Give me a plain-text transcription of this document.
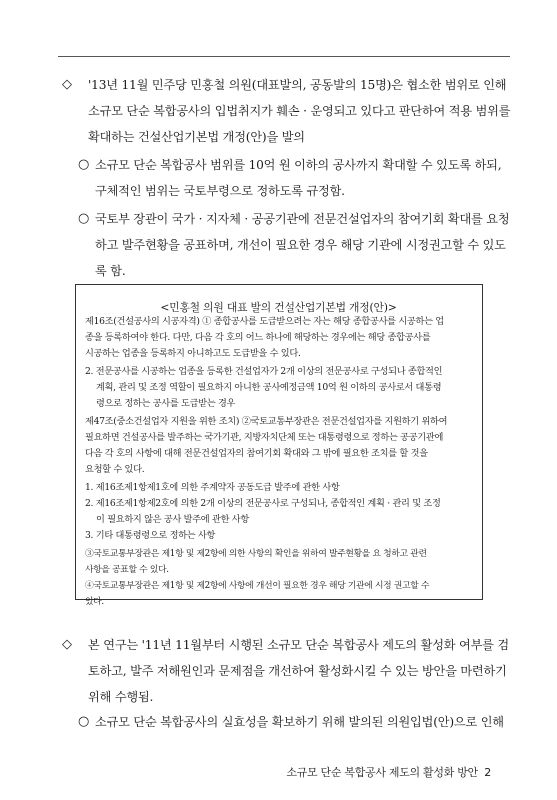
◇ '13년 11월 민주당 민홍철 의원(대표발의, 공동발의 15명)은 협소한 범위로 인해
소규모 단순 복합공사의 입법취지가 훼손 · 운영되고 있다고 판단하여 적용 범위를
확대하는 건설산업기본법 개정(안)을 발의
○ 소규모 단순 복합공사 범위를 10억 원 이하의 공사까지 확대할 수 있도록 하되,
구체적인 범위는 국토부령으로 정하도록 규정함.
○ 국토부 장관이 국가 · 지자체 · 공공기관에 전문건설업자의 참여기회 확대를 요청
하고 발주현황을 공표하며, 개선이 필요한 경우 해당 기관에 시정권고할 수 있도
록 함.
<민홍철 의원 대표 발의 건설산업기본법 개정(안)>
제16조(건설공사의 시공자격) ① 종합공사를 도급받으려는 자는 해당 종합공사를 시공하는 업
종을 등록하여야 한다. 다만, 다음 각 호의 어느 하나에 해당하는 경우에는 해당 종합공사를
시공하는 업종을 등록하지 아니하고도 도급받을 수 있다.
2. 전문공사를 시공하는 업종을 등록한 건설업자가 2개 이상의 전문공사로 구성되나 종합적인
계획, 관리 및 조정 역할이 필요하지 아니한 공사예정금액 10억 원 이하의 공사로서 대통령
령으로 정하는 공사를 도급받는 경우
제47조(중소건설업자 지원을 위한 조치) ②국토교통부장관은 전문건설업자를 지원하기 위하여
필요하면 건설공사를 발주하는 국가기관, 지방자치단체 또는 대통령령으로 정하는 공공기관에
다음 각 호의 사항에 대해 전문건설업자의 참여기회 확대와 그 밖에 필요한 조치를 할 것을
요청할 수 있다.
1. 제16조제1항제1호에 의한 주계약자 공동도급 발주에 관한 사항
2. 제16조제1항제2호에 의한 2개 이상의 전문공사로 구성되나, 종합적인 계획 · 관리 및 조정
이 필요하지 않은 공사 발주에 관한 사항
3. 기타 대통령령으로 정하는 사항
③국토교통부장관은 제1항 및 제2항에 의한 사항의 확인을 위하여 발주현황을 요 청하고 관련
사항을 공표할 수 있다.
④국토교통부장관은 제1항 및 제2항에 사항에 개선이 필요한 경우 해당 기관에 시정 권고할 수
있다.
◇ 본 연구는 '11년 11월부터 시행된 소규모 단순 복합공사 제도의 활성화 여부를 검
토하고, 발주 저해원인과 문제점을 개선하여 활성화시킬 수 있는 방안을 마련하기
위해 수행됨.
○ 소규모 단순 복합공사의 실효성을 확보하기 위해 발의된 의원입법(안)으로 인해
소규모 단순 복합공사 제도의 활성화 방안 2
